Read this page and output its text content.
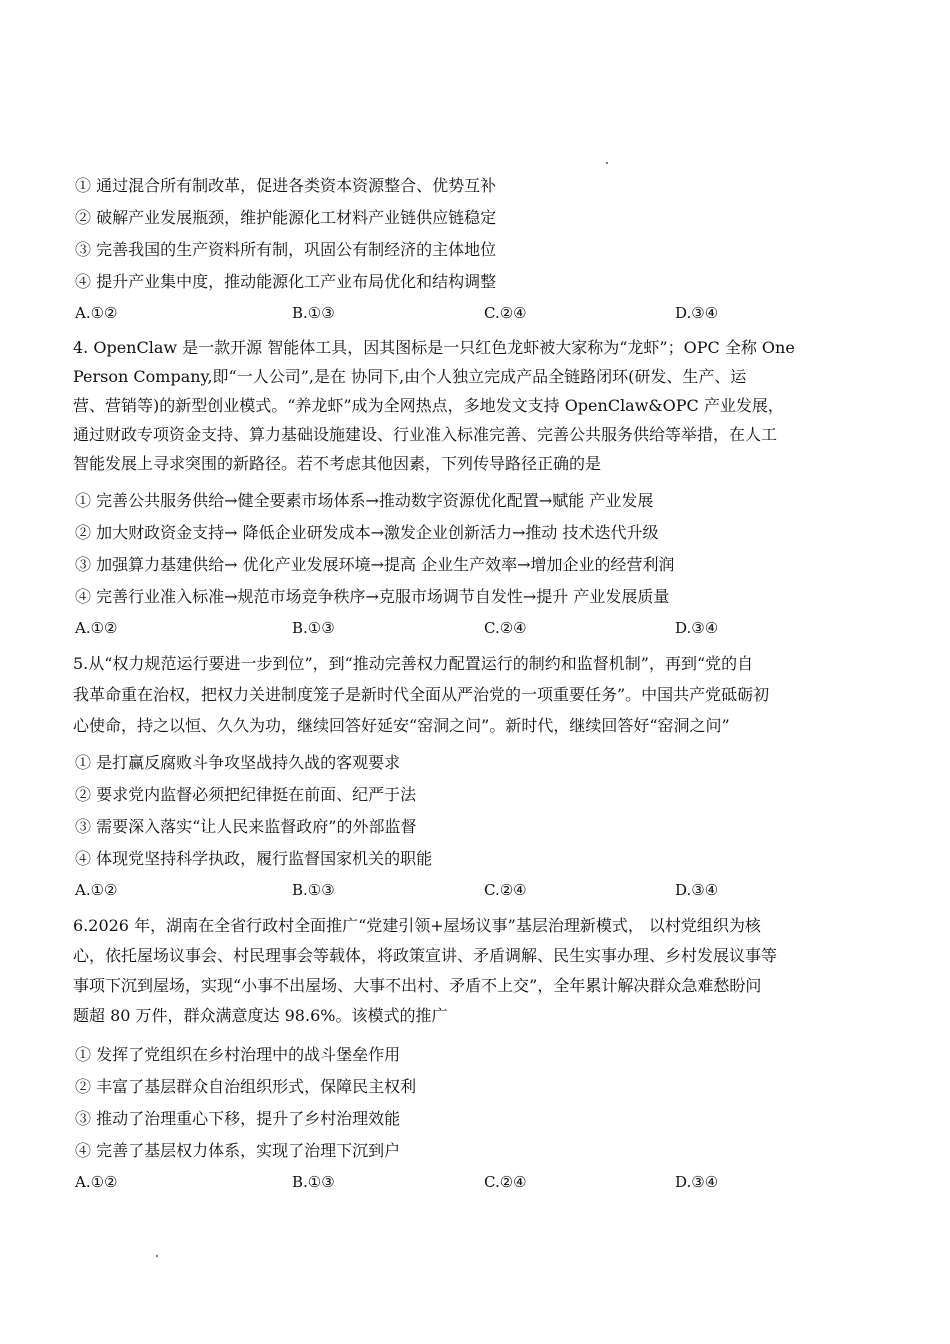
① 通过混合所有制改革，促进各类资本资源整合、优势互补
② 破解产业发展瓶颈，维护能源化工材料产业链供应链稳定
③ 完善我国的生产资料所有制，巩固公有制经济的主体地位
④ 提升产业集中度，推动能源化工产业布局优化和结构调整
A.①②	B.①③	C.②④	D.③④
4. OpenClaw 是一款开源 智能体工具，因其图标是一只红色龙虾被大家称为“龙虾”；OPC 全称 One
Person Company,即“一人公司”,是在 协同下,由个人独立完成产品全链路闭环(研发、生产、运
营、营销等)的新型创业模式。“养龙虾”成为全网热点，多地发文支持 OpenClaw&OPC 产业发展，
通过财政专项资金支持、算力基础设施建设、行业准入标准完善、完善公共服务供给等举措，在人工
智能发展上寻求突围的新路径。若不考虑其他因素，下列传导路径正确的是
① 完善公共服务供给→健全要素市场体系→推动数字资源优化配置→赋能 产业发展
② 加大财政资金支持→ 降低企业研发成本→激发企业创新活力→推动 技术迭代升级
③ 加强算力基建供给→ 优化产业发展环境→提高 企业生产效率→增加企业的经营利润
④ 完善行业准入标准→规范市场竞争秩序→克服市场调节自发性→提升 产业发展质量
A.①②	B.①③	C.②④	D.③④
5.从“权力规范运行要进一步到位”，到“推动完善权力配置运行的制约和监督机制”，再到“党的自
我革命重在治权，把权力关进制度笼子是新时代全面从严治党的一项重要任务”。中国共产党砥砺初
心使命，持之以恒、久久为功，继续回答好延安“窑洞之问”。新时代，继续回答好“窑洞之问”
① 是打赢反腐败斗争攻坚战持久战的客观要求
② 要求党内监督必须把纪律挺在前面、纪严于法
③ 需要深入落实“让人民来监督政府”的外部监督
④ 体现党坚持科学执政，履行监督国家机关的职能
A.①②	B.①③	C.②④	D.③④
6.2026 年，湖南在全省行政村全面推广“党建引领+屋场议事”基层治理新模式， 以村党组织为核
心，依托屋场议事会、村民理事会等载体，将政策宣讲、矛盾调解、民生实事办理、乡村发展议事等
事项下沉到屋场，实现“小事不出屋场、大事不出村、矛盾不上交”，全年累计解决群众急难愁盼问
题超 80 万件，群众满意度达 98.6%。该模式的推广
① 发挥了党组织在乡村治理中的战斗堡垒作用
② 丰富了基层群众自治组织形式，保障民主权利
③ 推动了治理重心下移，提升了乡村治理效能
④ 完善了基层权力体系，实现了治理下沉到户
A.①②	B.①③	C.②④	D.③④
